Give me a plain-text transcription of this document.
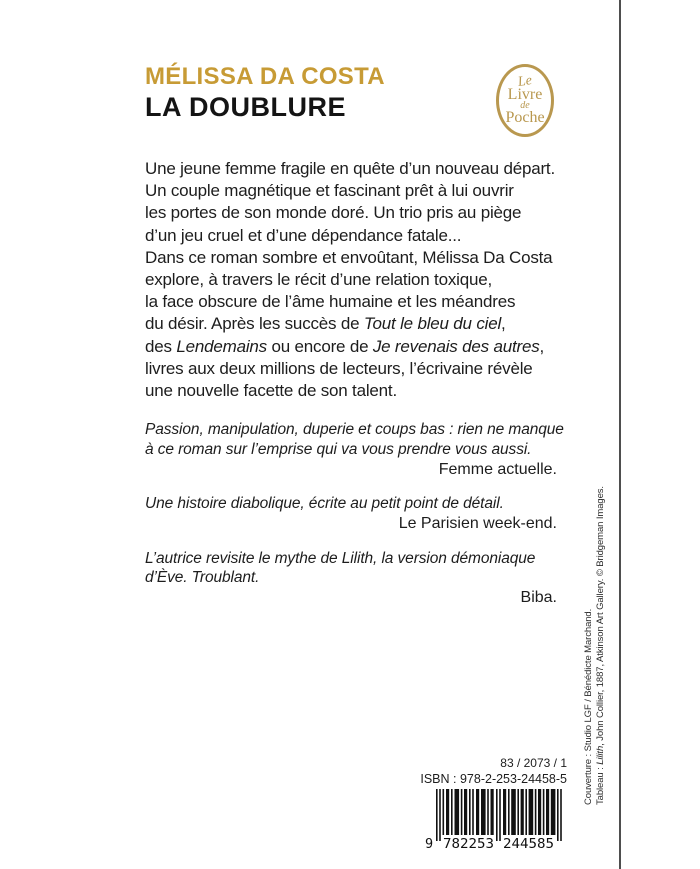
MÉLISSA DA COSTA
LA DOUBLURE
Le
Livre
de
Poche
Une jeune femme fragile en quête d’un nouveau départ.
Un couple magnétique et fascinant prêt à lui ouvrir
les portes de son monde doré. Un trio pris au piège
d’un jeu cruel et d’une dépendance fatale...
Dans ce roman sombre et envoûtant, Mélissa Da Costa
explore, à travers le récit d’une relation toxique,
la face obscure de l’âme humaine et les méandres
du désir. Après les succès de Tout le bleu du ciel,
des Lendemains ou encore de Je revenais des autres,
livres aux deux millions de lecteurs, l’écrivaine révèle
une nouvelle facette de son talent.
Passion, manipulation, duperie et coups bas : rien ne manque
à ce roman sur l’emprise qui va vous prendre vous aussi.
Femme actuelle.
Une histoire diabolique, écrite au petit point de détail.
Le Parisien week-end.
L’autrice revisite le mythe de Lilith, la version démoniaque
d’Ève. Troublant.
Biba.
Couverture : Studio LGF / Bénédicte Marchand. Tableau : Lilith, John Collier, 1887, Atkinson Art Gallery. © Bridgeman Images.
83 / 2073 / 1
ISBN : 978-2-253-24458-5
9 782253 244585
